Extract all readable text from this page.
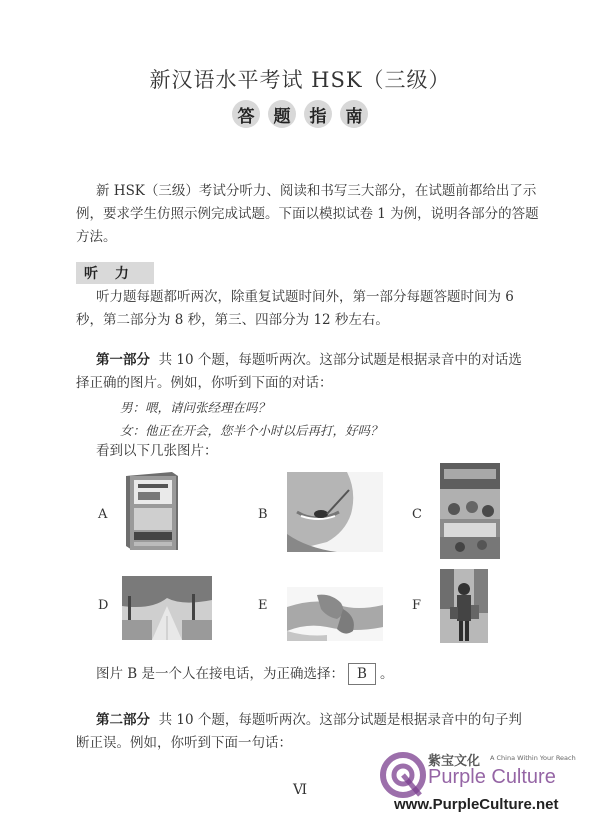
新汉语水平考试 HSK（三级）
答	题	指	南
新 HSK（三级）考试分听力、阅读和书写三大部分，在试题前都给出了示
例，要求学生仿照示例完成试题。下面以模拟试卷 1 为例，说明各部分的答题
方法。
听 力
听力题每题都听两次，除重复试题时间外，第一部分每题答题时间为 6
秒，第二部分为 8 秒，第三、四部分为 12 秒左右。
第一部分 共 10 个题，每题听两次。这部分试题是根据录音中的对话选
择正确的图片。例如，你听到下面的对话：
男：喂，请问张经理在吗？
女：他正在开会，您半个小时以后再打，好吗？
看到以下几张图片：
A	B	C
D	E	F
图片 B 是一个人在接电话，为正确选择： B 。
第二部分 共 10 个题，每题听两次。这部分试题是根据录音中的句子判
断正误。例如，你听到下面一句话：
Ⅵ
紫宝文化 A China Within Your Reach
Purple Culture
www.PurpleCulture.net
